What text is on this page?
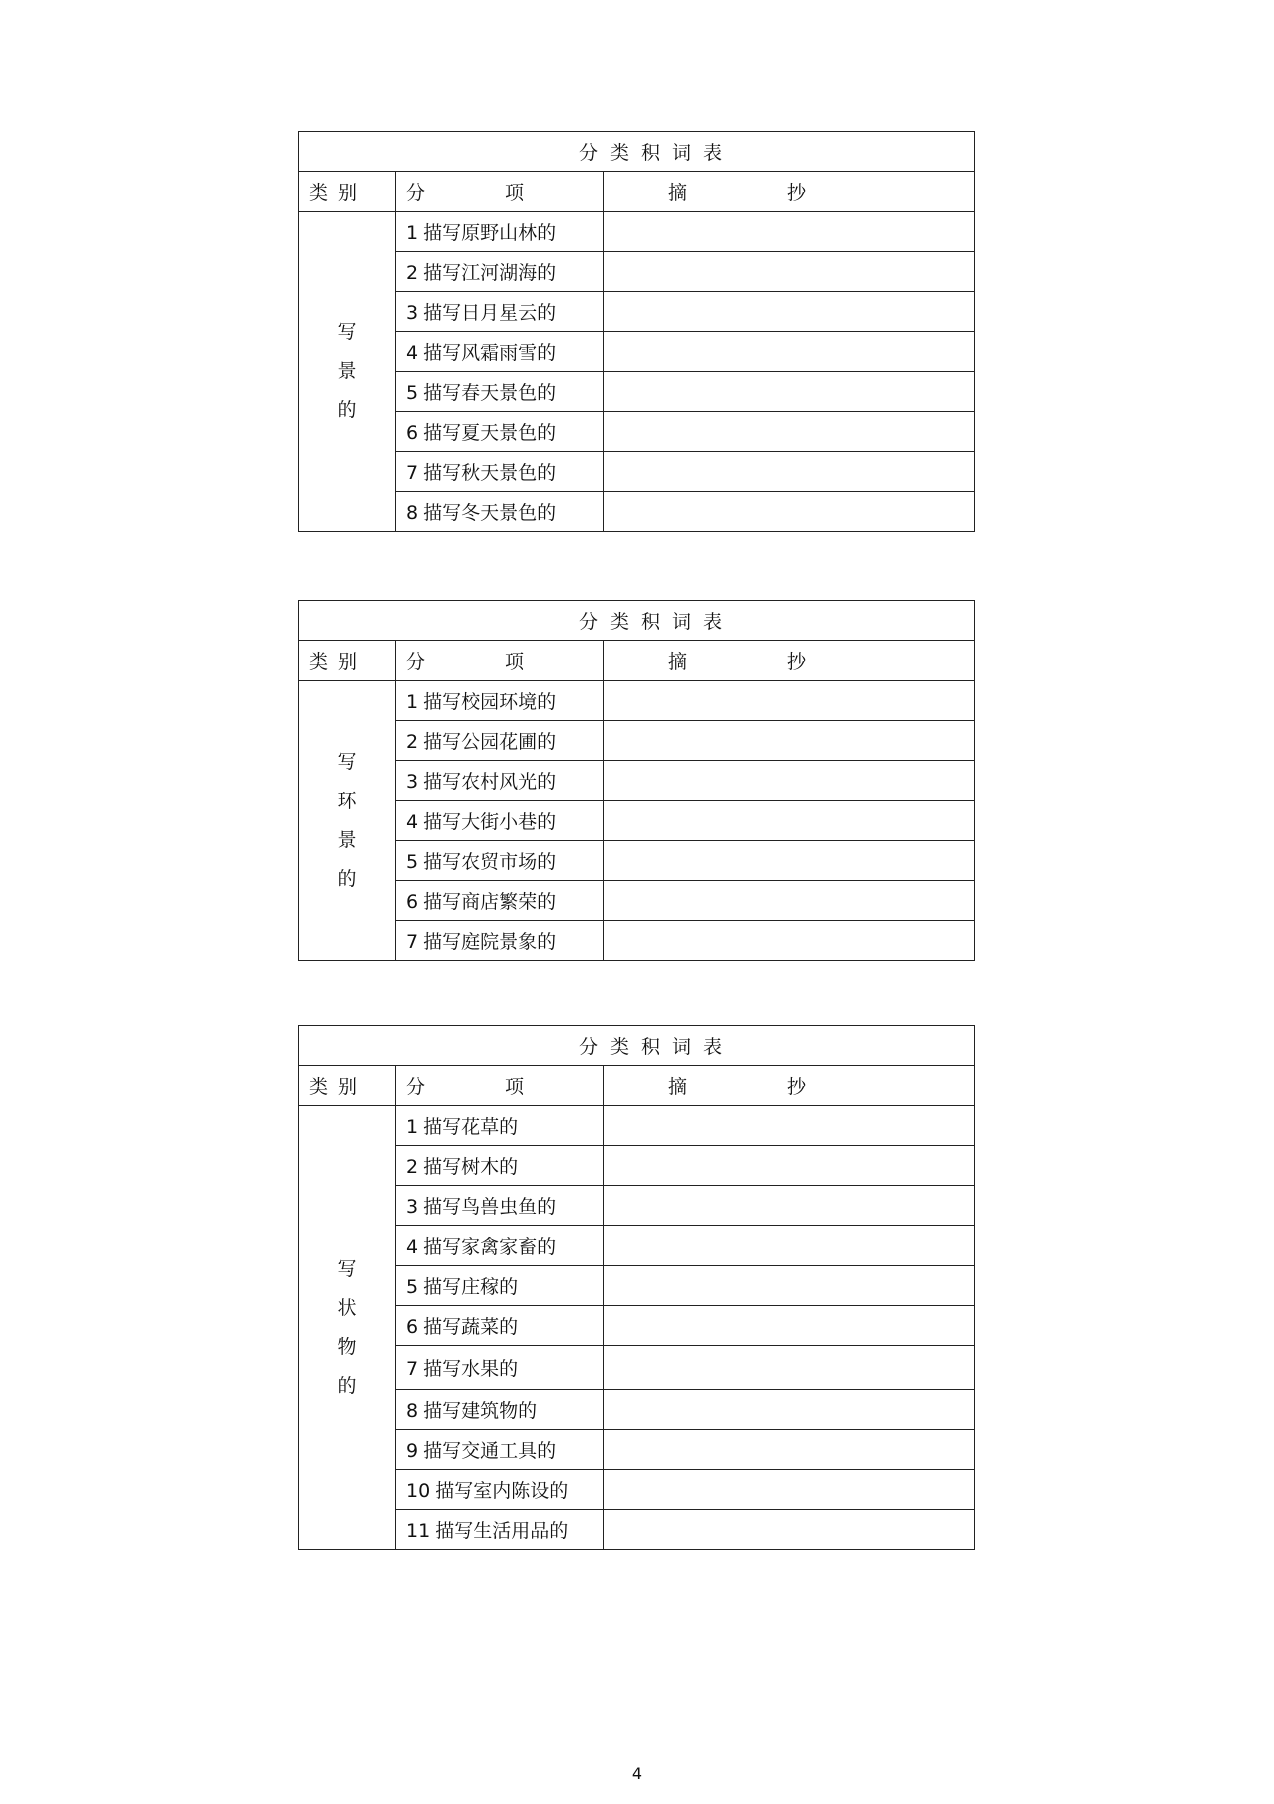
分类积词表		
类别	分 项	摘 抄
写景的	1 描写原野山林的	
	2 描写江河湖海的	
	3 描写日月星云的	
	4 描写风霜雨雪的	
	5 描写春天景色的	
	6 描写夏天景色的	
	7 描写秋天景色的	
	8 描写冬天景色的	
分类积词表		
类别	分 项	摘 抄
写环景的	1 描写校园环境的	
	2 描写公园花圃的	
	3 描写农村风光的	
	4 描写大街小巷的	
	5 描写农贸市场的	
	6 描写商店繁荣的	
	7 描写庭院景象的	
分类积词表		
类别	分 项	摘 抄
写状物的	1 描写花草的	
	2 描写树木的	
	3 描写鸟兽虫鱼的	
	4 描写家禽家畜的	
	5 描写庄稼的	
	6 描写蔬菜的	
	7 描写水果的	
	8 描写建筑物的	
	9 描写交通工具的	
	10 描写室内陈设的	
	11 描写生活用品的	
4
